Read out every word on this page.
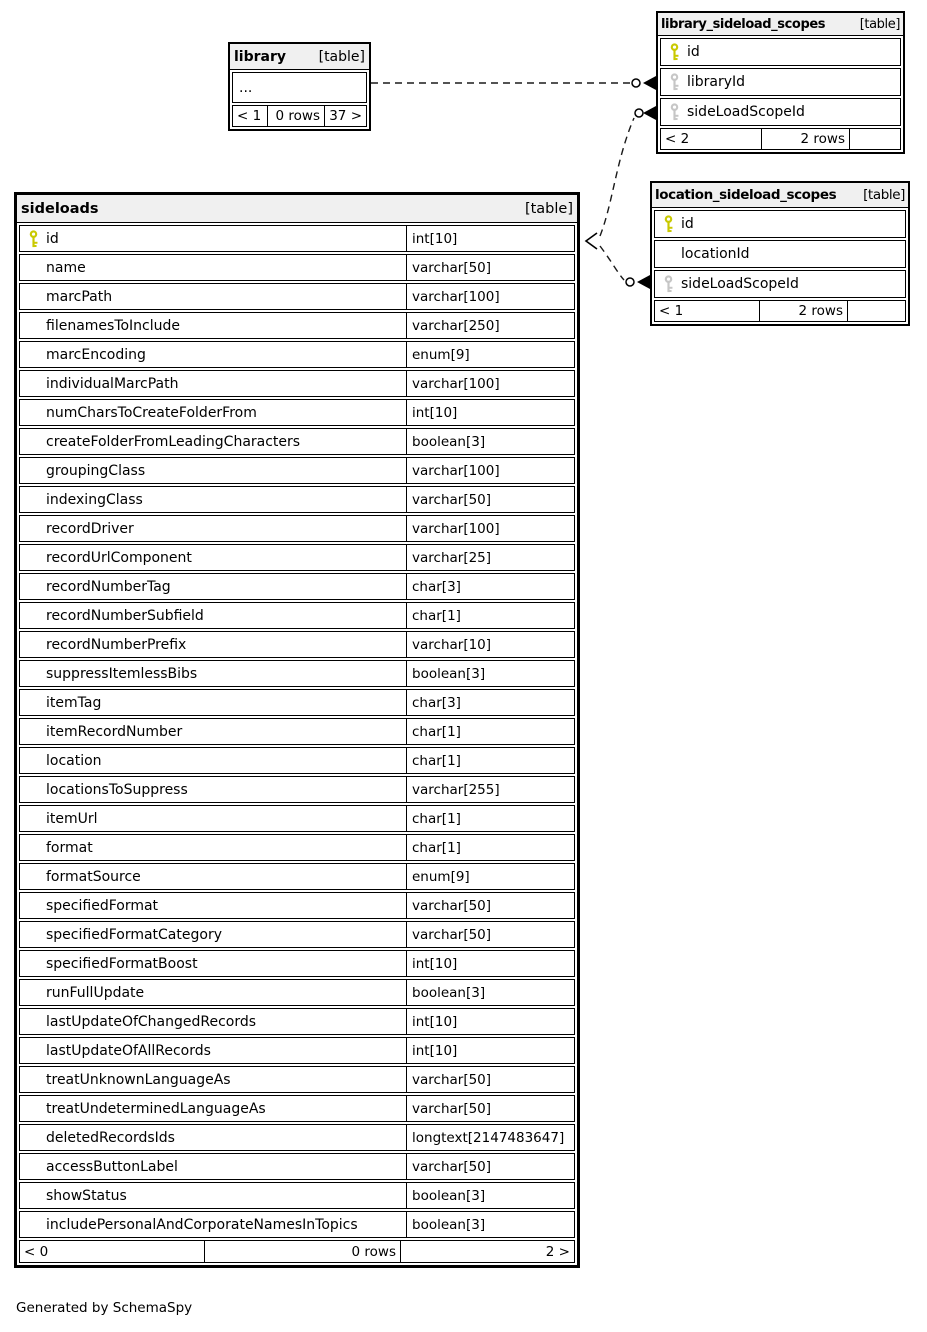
library [table]
...
< 1	0 rows 37 >
library_sideload_scopes	[table]
id
libraryId
sideLoadScopeId
< 2	2 rows
location_sideload_scopes [table]
id
locationId
sideLoadScopeId
< 1	2 rows
sideloads	[table]
id	int[10]
name	varchar[50]
marcPath	varchar[100]
filenamesToInclude	varchar[250]
marcEncoding	enum[9]
individualMarcPath	varchar[100]
numCharsToCreateFolderFrom	int[10]
createFolderFromLeadingCharacters	boolean[3]
groupingClass	varchar[100]
indexingClass	varchar[50]
recordDriver	varchar[100]
recordUrlComponent	varchar[25]
recordNumberTag	char[3]
recordNumberSubfield	char[1]
recordNumberPrefix	varchar[10]
suppressItemlessBibs	boolean[3]
itemTag	char[3]
itemRecordNumber	char[1]
location	char[1]
locationsToSuppress	varchar[255]
itemUrl	char[1]
format	char[1]
formatSource	enum[9]
specifiedFormat	varchar[50]
specifiedFormatCategory	varchar[50]
specifiedFormatBoost	int[10]
runFullUpdate	boolean[3]
lastUpdateOfChangedRecords	int[10]
lastUpdateOfAllRecords	int[10]
treatUnknownLanguageAs	varchar[50]
treatUndeterminedLanguageAs	varchar[50]
deletedRecordsIds	longtext[2147483647]
accessButtonLabel	varchar[50]
showStatus	boolean[3]
includePersonalAndCorporateNamesInTopics	boolean[3]
< 0	0 rows	2 >
Generated by SchemaSpy
